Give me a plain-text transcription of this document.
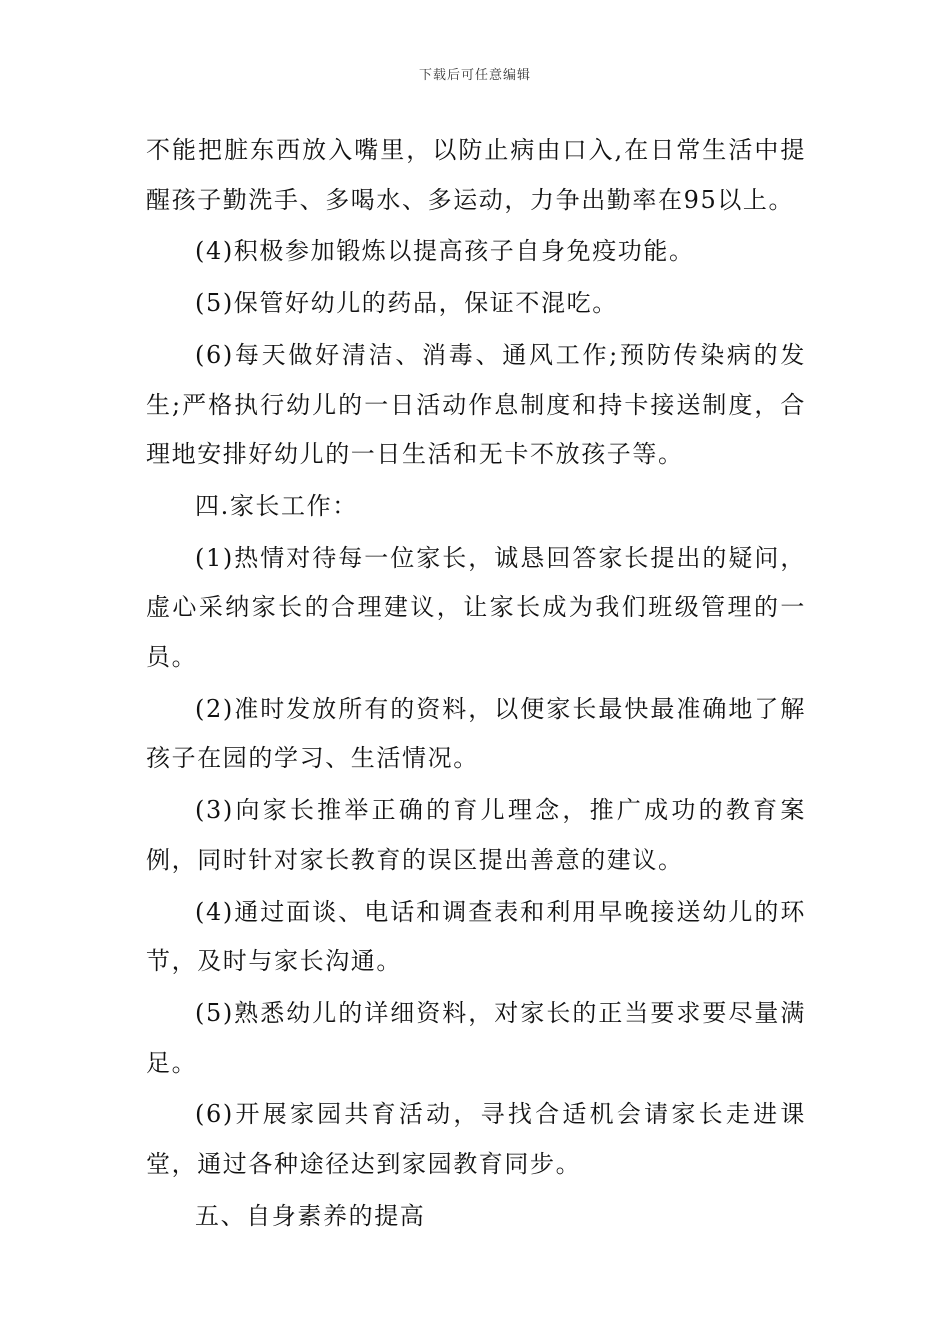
下载后可任意编辑

不能把脏东西放入嘴里，以防止病由口入,在日常生活中提醒孩子勤洗手、多喝水、多运动，力争出勤率在95以上。

(4)积极参加锻炼以提高孩子自身免疫功能。

(5)保管好幼儿的药品，保证不混吃。

(6)每天做好清洁、消毒、通风工作;预防传染病的发生;严格执行幼儿的一日活动作息制度和持卡接送制度，合理地安排好幼儿的一日生活和无卡不放孩子等。

四.家长工作：

(1)热情对待每一位家长，诚恳回答家长提出的疑问，虚心采纳家长的合理建议，让家长成为我们班级管理的一员。

(2)准时发放所有的资料，以便家长最快最准确地了解孩子在园的学习、生活情况。

(3)向家长推举正确的育儿理念，推广成功的教育案例，同时针对家长教育的误区提出善意的建议。

(4)通过面谈、电话和调查表和利用早晚接送幼儿的环节，及时与家长沟通。

(5)熟悉幼儿的详细资料，对家长的正当要求要尽量满足。

(6)开展家园共育活动，寻找合适机会请家长走进课堂，通过各种途径达到家园教育同步。

五、自身素养的提高
